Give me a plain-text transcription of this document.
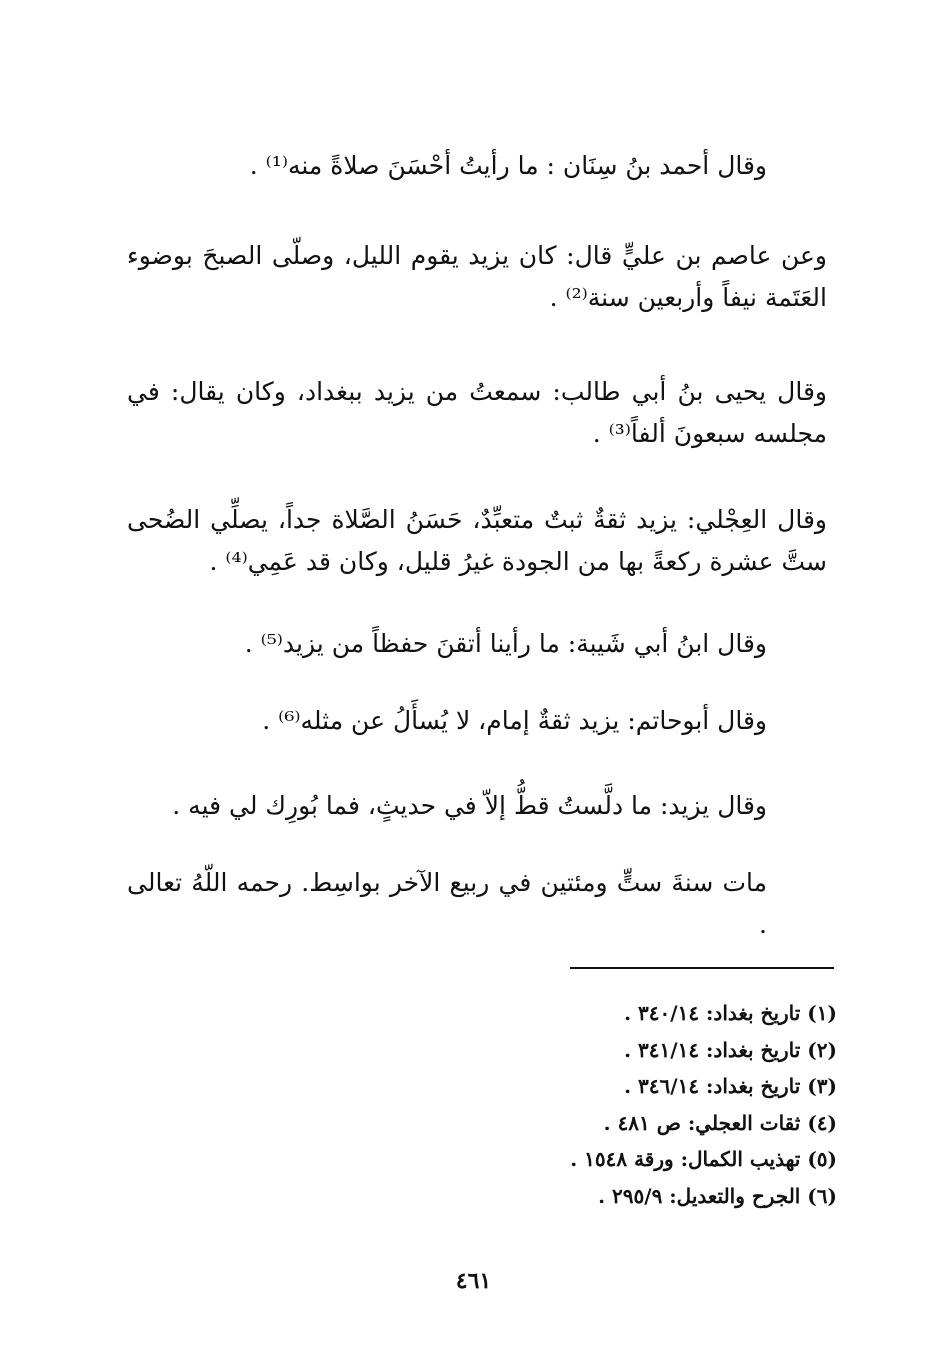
وقال أحمد بنُ سِنَان : ما رأيتُ أحْسَنَ صلاةً منه⁽¹⁾ .

وعن عاصم بن عليٍّ قال: كان يزيد يقوم الليل، وصلّى الصبحَ بوضوء العَتَمة نيفاً وأربعين سنة⁽²⁾ .

وقال يحيى بنُ أبي طالب: سمعتُ من يزيد ببغداد، وكان يقال: في مجلسه سبعونَ ألفاً⁽³⁾ .

وقال العِجْلي: يزيد ثقةٌ ثبتٌ متعبِّدٌ، حَسَنُ الصَّلاة جداً، يصلِّي الضُحى ستَّ عشرة ركعةً بها من الجودة غيرُ قليل، وكان قد عَمِي⁽⁴⁾ .

وقال ابنُ أبي شَيبة: ما رأينا أتقنَ حفظاً من يزيد⁽⁵⁾ .

وقال أبوحاتم: يزيد ثقةٌ إمام، لا يُسأَلُ عن مثله⁽⁶⁾ .

وقال يزيد: ما دلَّستُ قطُّ إلاّ في حديثٍ، فما بُورِك لي فيه .

مات سنةَ ستٍّ ومئتين في ربيع الآخر بواسِط. رحمه اللّهُ تعالى .

(١) تاريخ بغداد: ٣٤٠/١٤ .
(٢) تاريخ بغداد: ٣٤١/١٤ .
(٣) تاريخ بغداد: ٣٤٦/١٤ .
(٤) ثقات العجلي: ص ٤٨١ .
(٥) تهذيب الكمال: ورقة ١٥٤٨ .
(٦) الجرح والتعديل: ٢٩٥/٩ .
٤٦١
